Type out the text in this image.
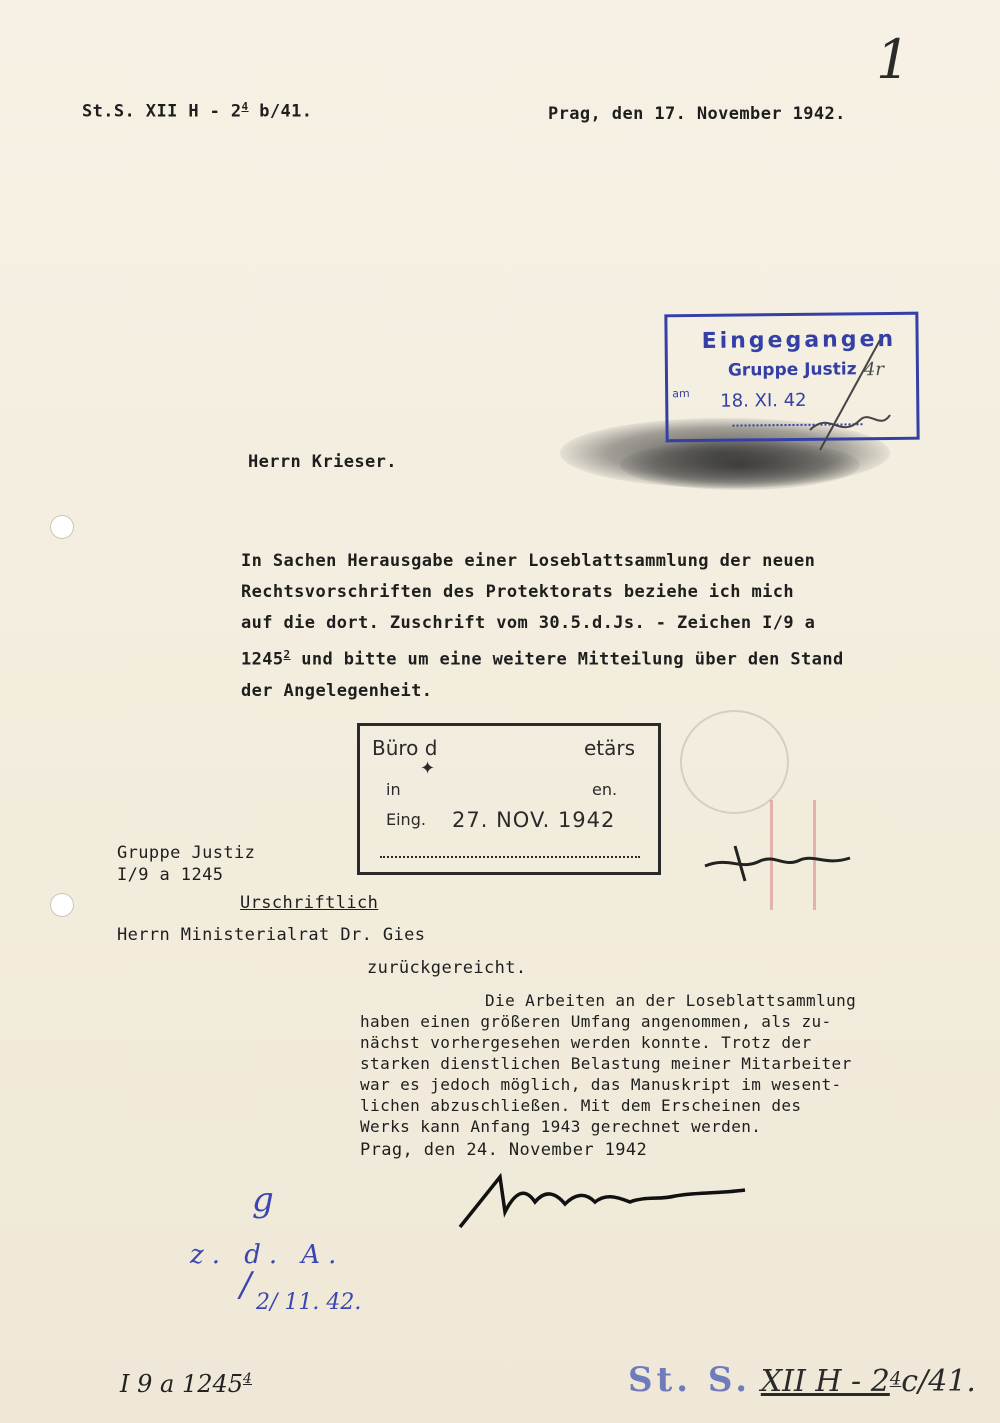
1
St.S. XII H - $2^4$ b/41.	Prag, den 17. November 1942.
Eingegangen
Gruppe Justiz 4r
am 18. XI. 42
Herrn Krieser.
In Sachen Herausgabe einer Loseblattsammlung der neuen
Rechtsvorschriften des Protektorats beziehe ich mich
auf die dort. Zuschrift vom 30.5.d.Js. - Zeichen I/9 a
1245$^2$ und bitte um eine weitere Mitteilung über den Stand
der Angelegenheit.
Büro d	etärs
✦
in	en.
Eing. 27. NOV. 1942
Gruppe Justiz
I/9 a 1245
Urschriftlich
Herrn Ministerialrat Dr. Gies
zurückgereicht.
Die Arbeiten an der Loseblattsammlung
haben einen größeren Umfang angenommen, als zu-
nächst vorhergesehen werden konnte. Trotz der
starken dienstlichen Belastung meiner Mitarbeiter
war es jedoch möglich, das Manuskript im wesent-
lichen abzuschließen. Mit dem Erscheinen des
Werks kann Anfang 1943 gerechnet werden.
Prag, den 24. November 1942
g
z. d. A.
/ 2/ 11. 42.
I 9 a 1245$^4$	St. S. XII H - $2^4c/41$.
